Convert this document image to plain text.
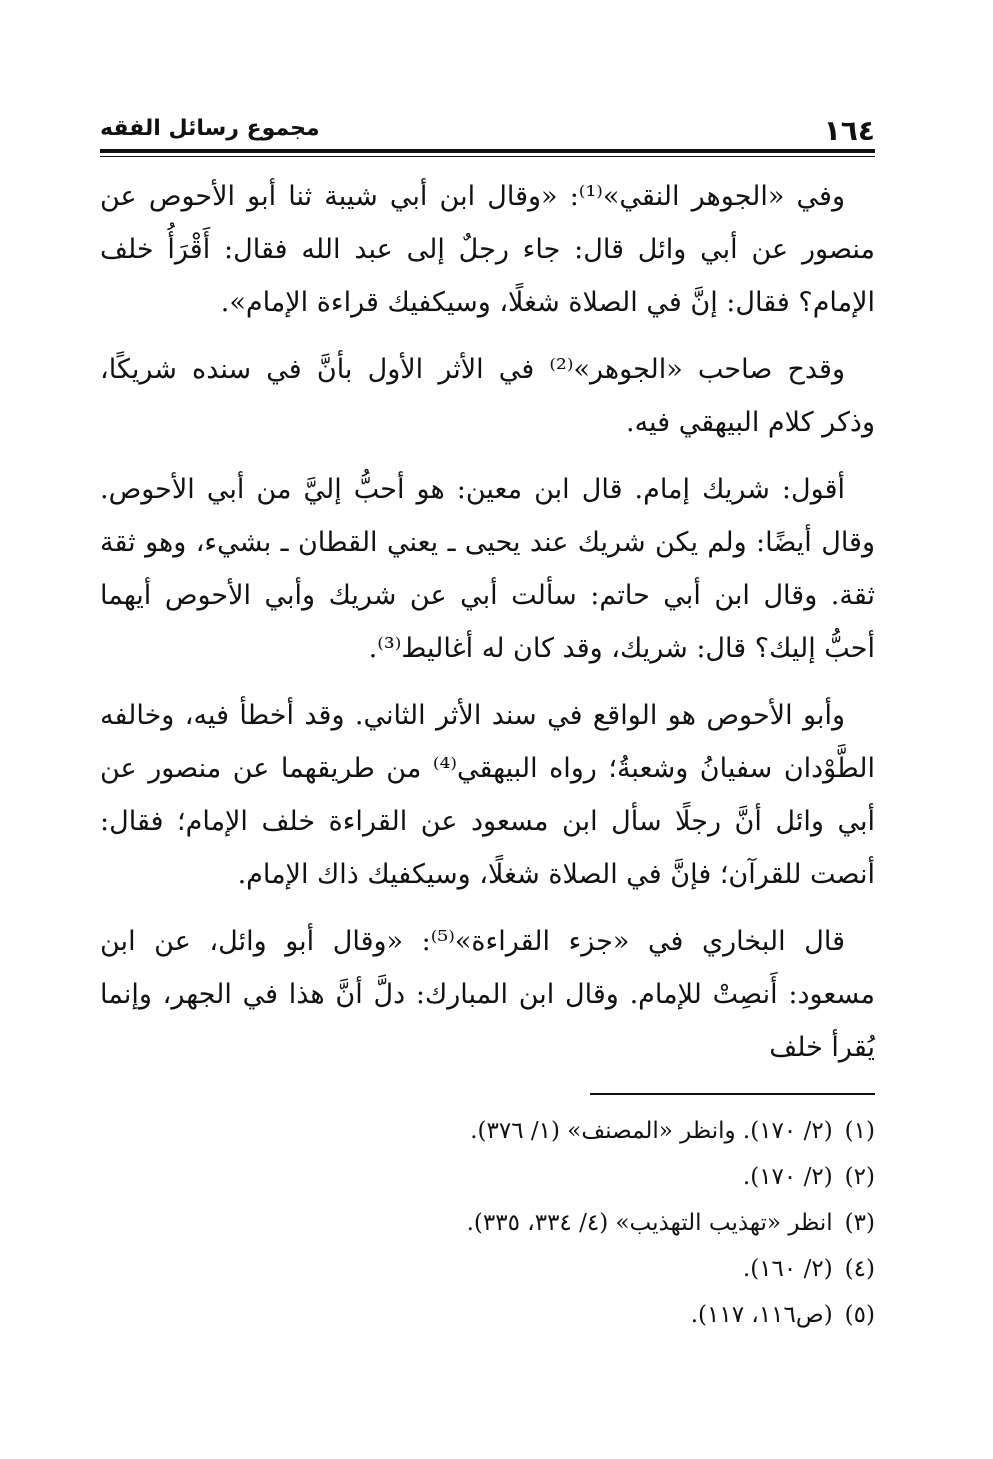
١٦٤
مجموع رسائل الفقه

وفي «الجوهر النقي»⁽¹⁾: «وقال ابن أبي شيبة ثنا أبو الأحوص عن منصور عن أبي وائل قال: جاء رجلٌ إلى عبد الله فقال: أَقْرَأُ خلف الإمام؟ فقال: إنَّ في الصلاة شغلًا، وسيكفيك قراءة الإمام».

وقدح صاحب «الجوهر»⁽²⁾ في الأثر الأول بأنَّ في سنده شريكًا، وذكر كلام البيهقي فيه.

أقول: شريك إمام. قال ابن معين: هو أحبُّ إليَّ من أبي الأحوص. وقال أيضًا: ولم يكن شريك عند يحيى ـ يعني القطان ـ بشيء، وهو ثقة ثقة. وقال ابن أبي حاتم: سألت أبي عن شريك وأبي الأحوص أيهما أحبُّ إليك؟ قال: شريك، وقد كان له أغاليط⁽³⁾.

وأبو الأحوص هو الواقع في سند الأثر الثاني. وقد أخطأ فيه، وخالفه الطَّوْدان سفيانُ وشعبةُ؛ رواه البيهقي⁽⁴⁾ من طريقهما عن منصور عن أبي وائل أنَّ رجلًا سأل ابن مسعود عن القراءة خلف الإمام؛ فقال: أنصت للقرآن؛ فإنَّ في الصلاة شغلًا، وسيكفيك ذاك الإمام.

قال البخاري في «جزء القراءة»⁽⁵⁾: «وقال أبو وائل، عن ابن مسعود: أَنصِتْ للإمام. وقال ابن المبارك: دلَّ أنَّ هذا في الجهر، وإنما يُقرأ خلف

(١)(٢/ ١٧٠). وانظر «المصنف» (١/ ٣٧٦).
(٢)(٢/ ١٧٠).
(٣)انظر «تهذيب التهذيب» (٤/ ٣٣٤، ٣٣٥).
(٤)(٢/ ١٦٠).
(٥)(ص١١٦، ١١٧).
